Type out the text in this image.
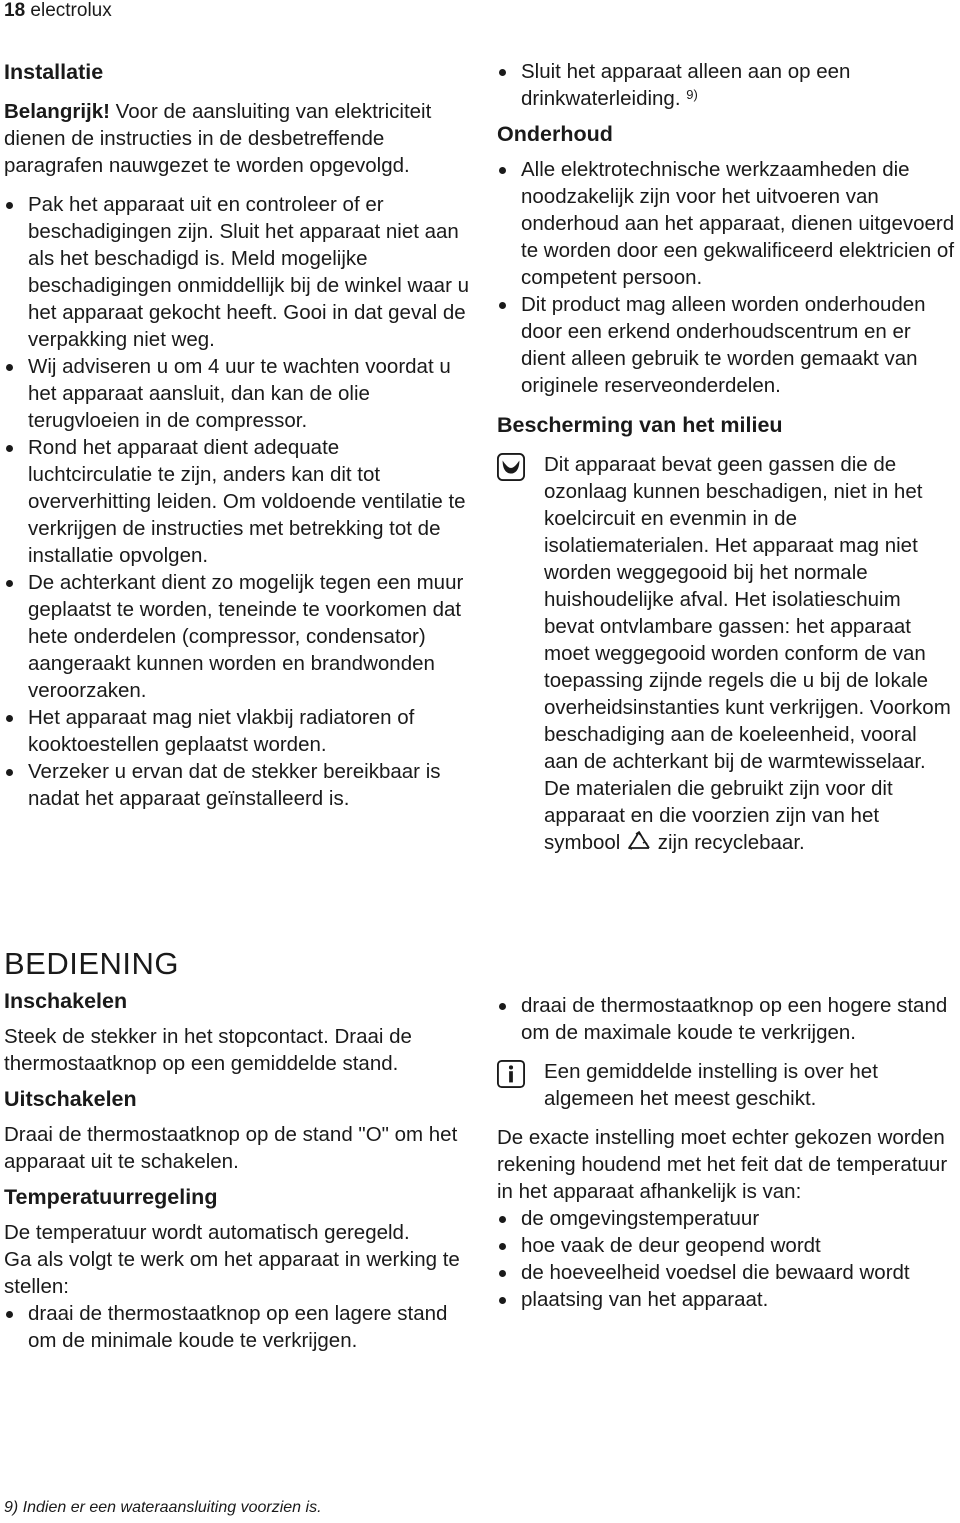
18 electrolux
Installatie

Belangrijk! Voor de aansluiting van elektriciteit dienen de instructies in de desbetreffende paragrafen nauwgezet te worden opgevolgd.

Pak het apparaat uit en controleer of er beschadigingen zijn. Sluit het apparaat niet aan als het beschadigd is. Meld mogelijke beschadigingen onmiddellijk bij de winkel waar u het apparaat gekocht heeft. Gooi in dat geval de verpakking niet weg.
Wij adviseren u om 4 uur te wachten voordat u het apparaat aansluit, dan kan de olie terugvloeien in de compressor.
Rond het apparaat dient adequate luchtcirculatie te zijn, anders kan dit tot oververhitting leiden. Om voldoende ventilatie te verkrijgen de instructies met betrekking tot de installatie opvolgen.
De achterkant dient zo mogelijk tegen een muur geplaatst te worden, teneinde te voorkomen dat hete onderdelen (compressor, condensator) aangeraakt kunnen worden en brandwonden veroorzaken.
Het apparaat mag niet vlakbij radiatoren of kooktoestellen geplaatst worden.
Verzeker u ervan dat de stekker bereikbaar is nadat het apparaat geïnstalleerd is.
Sluit het apparaat alleen aan op een drinkwaterleiding. $^{9)}$
Onderhoud
Alle elektrotechnische werkzaamheden die noodzakelijk zijn voor het uitvoeren van onderhoud aan het apparaat, dienen uitgevoerd te worden door een gekwalificeerd elektricien of competent persoon.
Dit product mag alleen worden onderhouden door een erkend onderhoudscentrum en er dient alleen gebruik te worden gemaakt van originele reserveonderdelen.
Bescherming van het milieu
Dit apparaat bevat geen gassen die de ozonlaag kunnen beschadigen, niet in het koelcircuit en evenmin in de isolatiematerialen. Het apparaat mag niet worden weggegooid bij het normale huishoudelijke afval. Het isolatieschuim bevat ontvlambare gassen: het apparaat moet weggegooid worden conform de van toepassing zijnde regels die u bij de lokale overheidsinstanties kunt verkrijgen. Voorkom beschadiging aan de koeleenheid, vooral aan de achterkant bij de warmtewisselaar. De materialen die gebruikt zijn voor dit apparaat en die voorzien zijn van het symbool  zijn recyclebaar.
BEDIENING
Inschakelen

Steek de stekker in het stopcontact. Draai de thermostaatknop op een gemiddelde stand.

Uitschakelen

Draai de thermostaatknop op de stand "O" om het apparaat uit te schakelen.

Temperatuurregeling

De temperatuur wordt automatisch geregeld.

Ga als volgt te werk om het apparaat in werking te stellen:

draai de thermostaatknop op een lagere stand om de minimale koude te verkrijgen.
draai de thermostaatknop op een hogere stand om de maximale koude te verkrijgen.
Een gemiddelde instelling is over het algemeen het meest geschikt.

De exacte instelling moet echter gekozen worden rekening houdend met het feit dat de temperatuur in het apparaat afhankelijk is van:

de omgevingstemperatuur
hoe vaak de deur geopend wordt
de hoeveelheid voedsel die bewaard wordt
plaatsing van het apparaat.
9) Indien er een wateraansluiting voorzien is.
